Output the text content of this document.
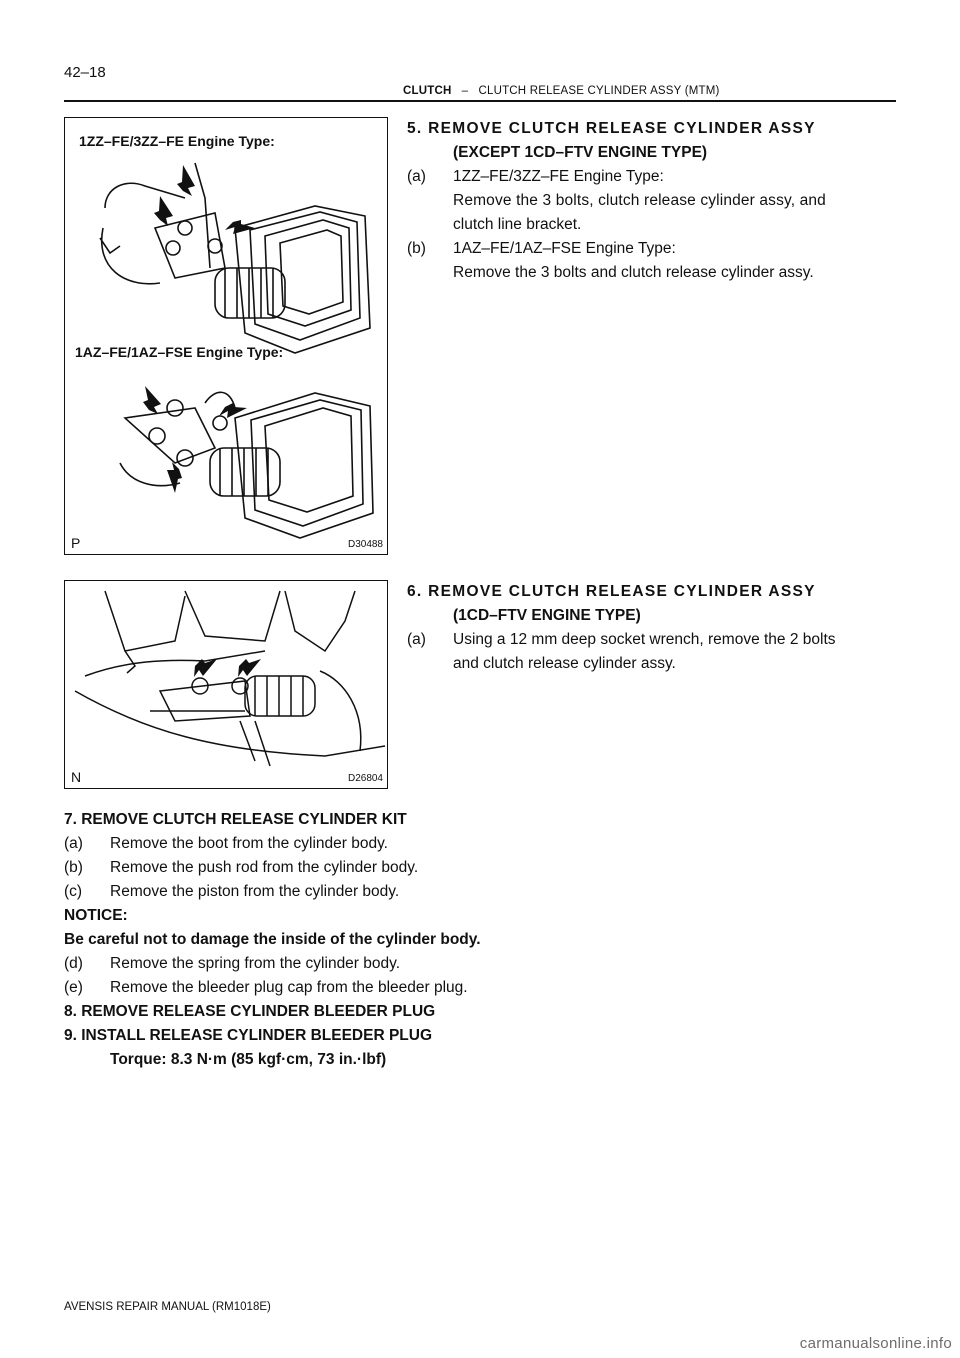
42–18
CLUTCH – CLUTCH RELEASE CYLINDER ASSY (MTM)
1ZZ–FE/3ZZ–FE Engine Type:
1AZ–FE/1AZ–FSE Engine Type:
P	D30488
N	D26804
5. REMOVE CLUTCH RELEASE CYLINDER ASSY
(EXCEPT 1CD–FTV ENGINE TYPE)
(a) 1ZZ–FE/3ZZ–FE Engine Type:
Remove the 3 bolts, clutch release cylinder assy, and
clutch line bracket.
(b) 1AZ–FE/1AZ–FSE Engine Type:
Remove the 3 bolts and clutch release cylinder assy.
6. REMOVE CLUTCH RELEASE CYLINDER ASSY
(1CD–FTV ENGINE TYPE)
(a) Using a 12 mm deep socket wrench, remove the 2 bolts
and clutch release cylinder assy.
7. REMOVE CLUTCH RELEASE CYLINDER KIT
(a) Remove the boot from the cylinder body.
(b) Remove the push rod from the cylinder body.
(c) Remove the piston from the cylinder body.
NOTICE:
Be careful not to damage the inside of the cylinder body.
(d) Remove the spring from the cylinder body.
(e) Remove the bleeder plug cap from the bleeder plug.
8. REMOVE RELEASE CYLINDER BLEEDER PLUG
9. INSTALL RELEASE CYLINDER BLEEDER PLUG
Torque: 8.3 N·m (85 kgf·cm, 73 in.·lbf)
AVENSIS REPAIR MANUAL (RM1018E)
carmanualsonline.info
